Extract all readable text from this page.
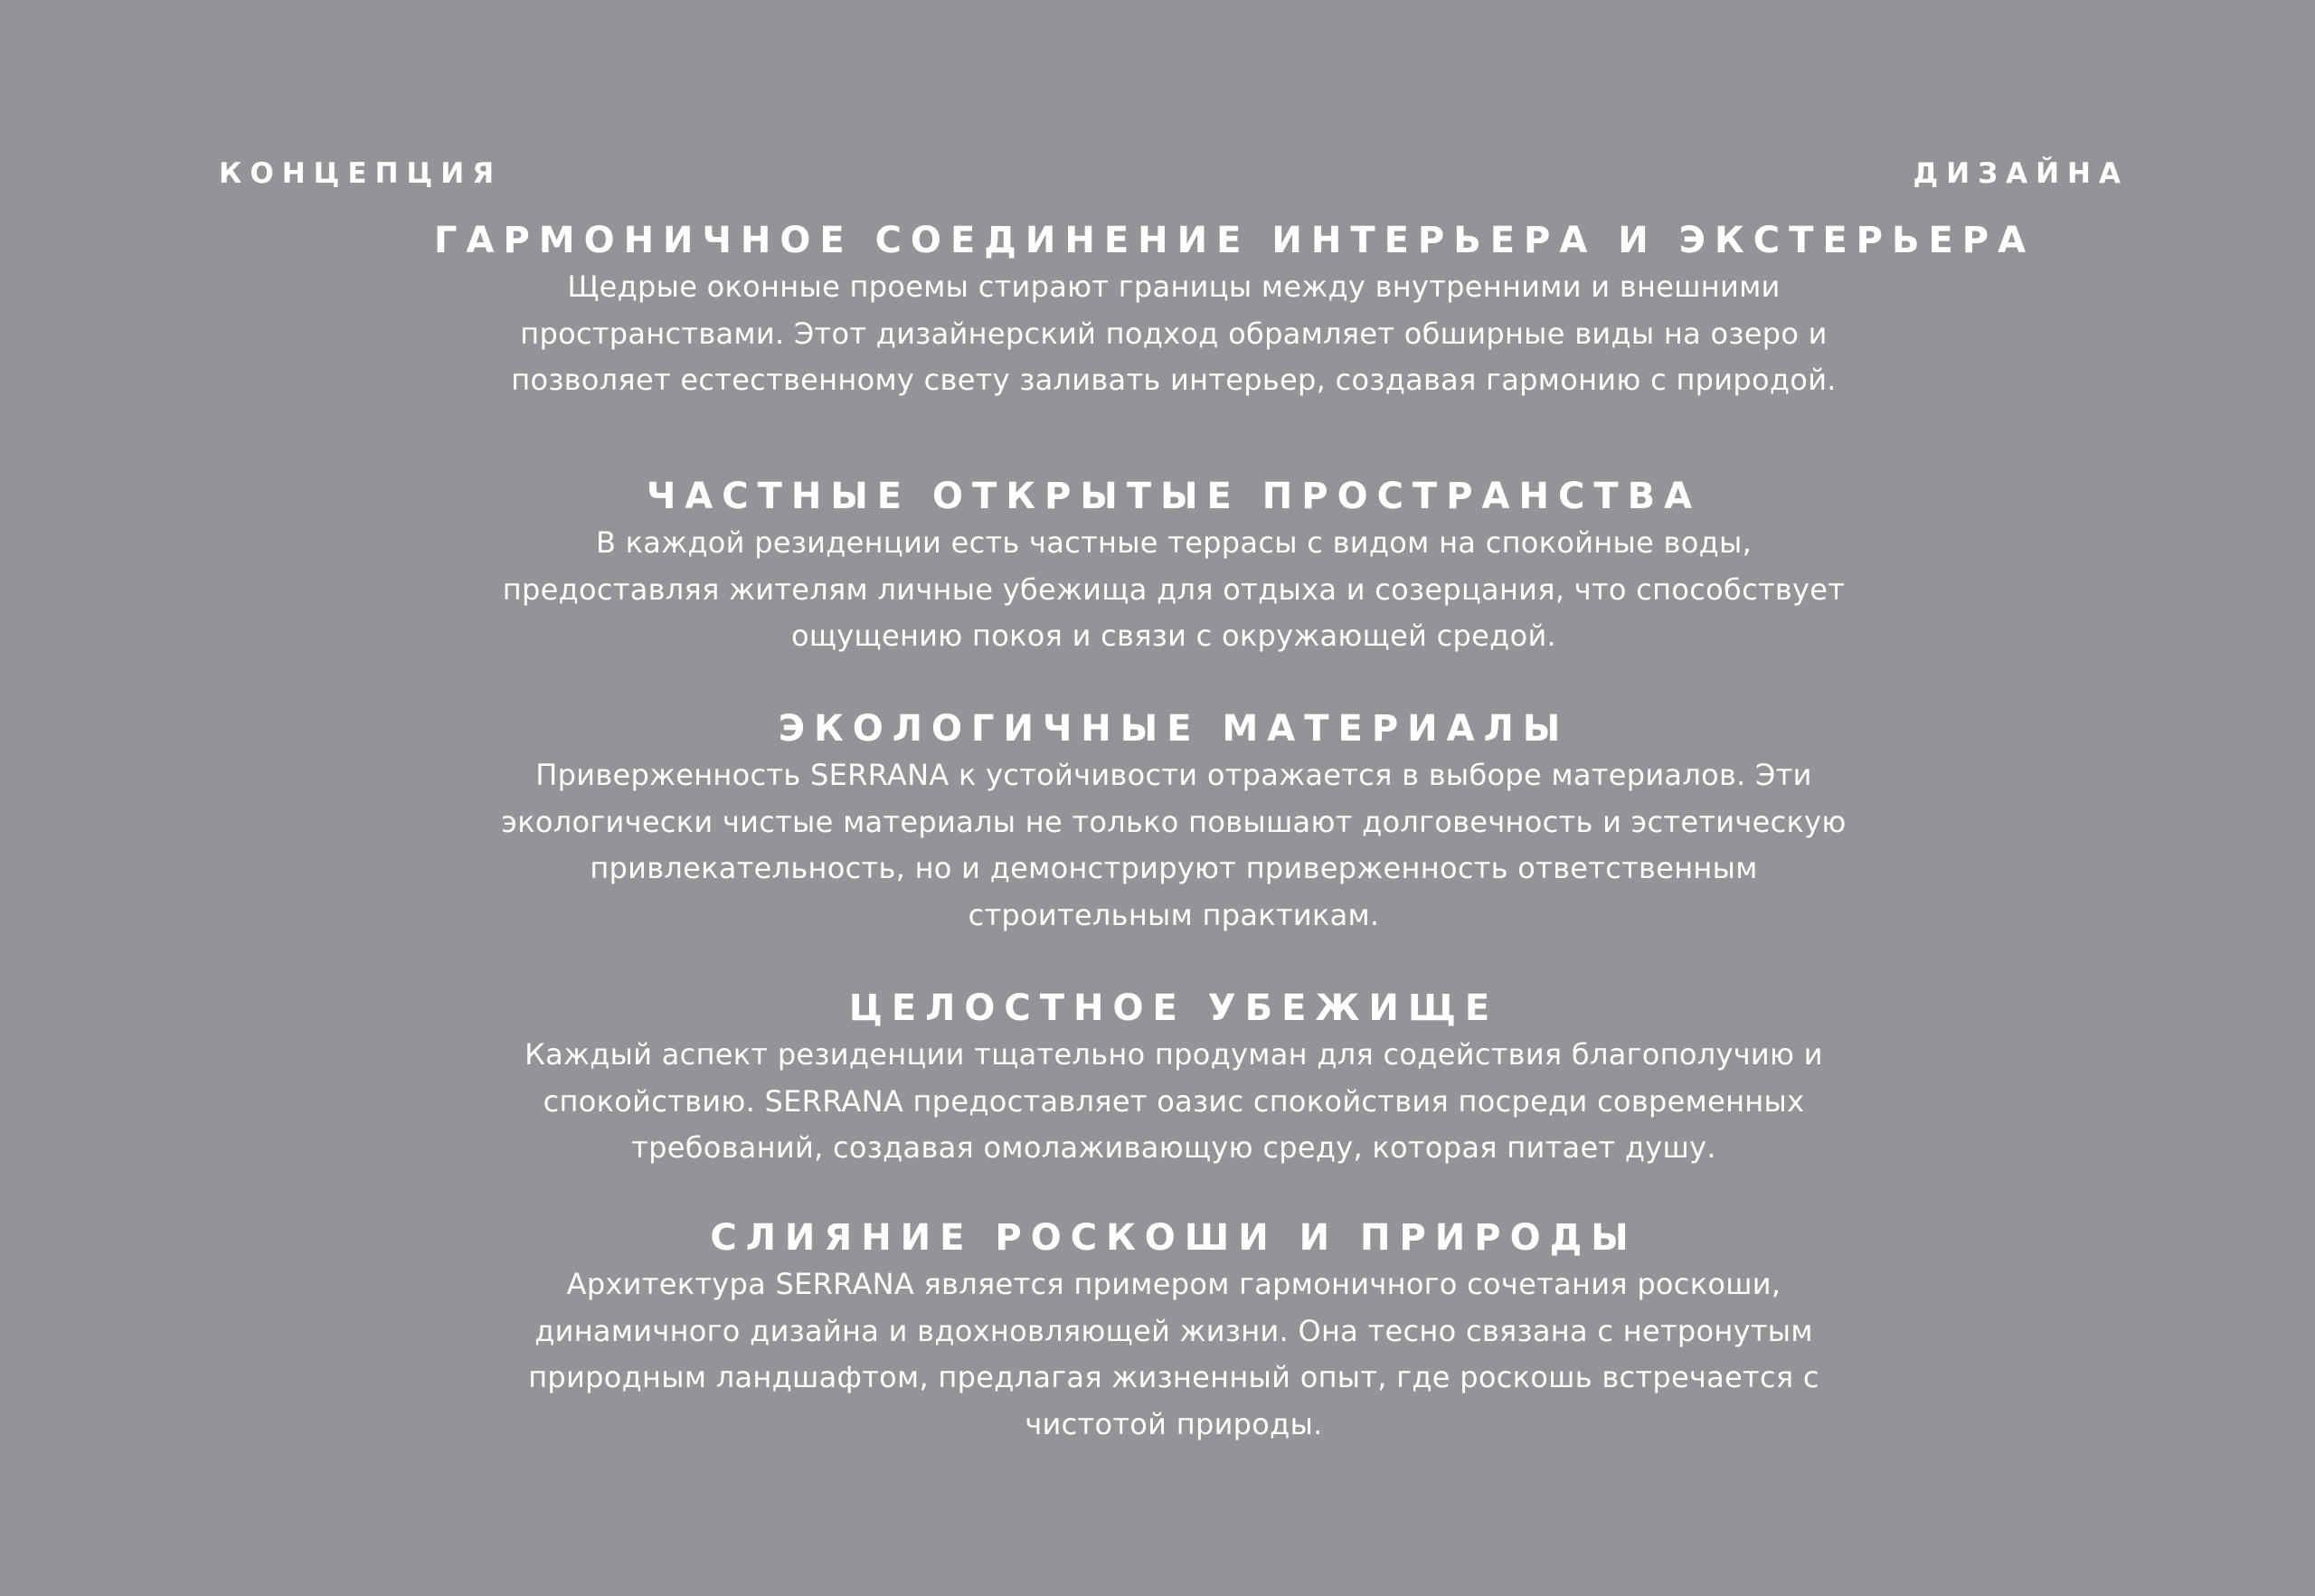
КОНЦЕПЦИЯ	ДИЗАЙНА
ГАРМОНИЧНОЕ СОЕДИНЕНИЕ ИНТЕРЬЕРА И ЭКСТЕРЬЕРА

Щедрые оконные проемы стирают границы между внутренними и внешними
пространствами. Этот дизайнерский подход обрамляет обширные виды на озеро и
позволяет естественному свету заливать интерьер, создавая гармонию с природой.

ЧАСТНЫЕ ОТКРЫТЫЕ ПРОСТРАНСТВА

В каждой резиденции есть частные террасы с видом на спокойные воды,
предоставляя жителям личные убежища для отдыха и созерцания, что способствует
ощущению покоя и связи с окружающей средой.

ЭКОЛОГИЧНЫЕ МАТЕРИАЛЫ

Приверженность SERRANA к устойчивости отражается в выборе материалов. Эти
экологически чистые материалы не только повышают долговечность и эстетическую
привлекательность, но и демонстрируют приверженность ответственным
строительным практикам.

ЦЕЛОСТНОЕ УБЕЖИЩЕ

Каждый аспект резиденции тщательно продуман для содействия благополучию и
спокойствию. SERRANA предоставляет оазис спокойствия посреди современных
требований, создавая омолаживающую среду, которая питает душу.

СЛИЯНИЕ РОСКОШИ И ПРИРОДЫ

Архитектура SERRANA является примером гармоничного сочетания роскоши,
динамичного дизайна и вдохновляющей жизни. Она тесно связана с нетронутым
природным ландшафтом, предлагая жизненный опыт, где роскошь встречается с
чистотой природы.
